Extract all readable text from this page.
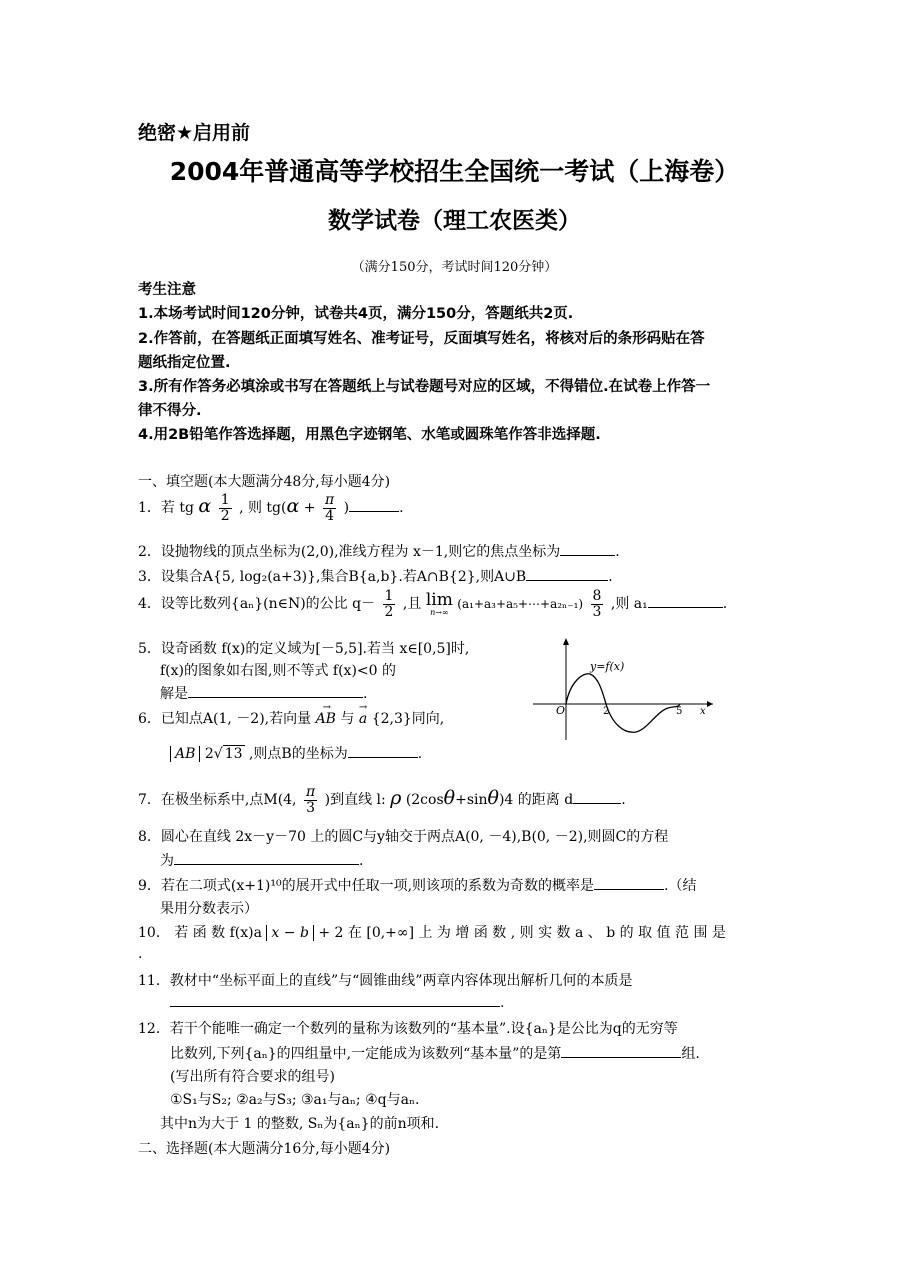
绝密★启用前
2004年普通高等学校招生全国统一考试（上海卷）
数学试卷（理工农医类）
（满分150分，考试时间120分钟）
考生注意
1.本场考试时间120分钟，试卷共4页，满分150分，答题纸共2页.
2.作答前，在答题纸正面填写姓名、准考证号，反面填写姓名，将核对后的条形码贴在答
题纸指定位置.
3.所有作答务必填涂或书写在答题纸上与试卷题号对应的区域，不得错位.在试卷上作答一
律不得分.
4.用2B铅笔作答选择题，用黑色字迹钢笔、水笔或圆珠笔作答非选择题.
一、填空题(本大题满分48分,每小题4分)
1．若 tg α $\frac{1}{2}$ , 则 $tg(\alpha + \frac{\pi}{4}$ )	.
2．设抛物线的顶点坐标为(2,0),准线方程为 x－1,则它的焦点坐标为	.
3．设集合A{5, log₂(a+3)},集合B{a,b}.若A∩B{2},则A∪B	.
4．设等比数列{aₙ}(n∈N)的公比 $q- \frac{1}{2}$ ,且 lim
n→∞
(a₁+a₃+a₅+⋯+a₂ₙ₋₁) $\frac{8}{3}$ ,则 a₁	.
5．设奇函数 f(x)的定义域为[－5,5].若当 x∈[0,5]时,
f(x)的图象如右图,则不等式 f(x)<0 的
解是	.
y=f(x)
O	2	5 x
6．已知点A(1, －2),若向量
→
AB 与
→
a {2,3}同向,
AB 2√ 13 ,则点B的坐标为	.
7．在极坐标系中,点M(4, $\frac{\pi}{3}$ )到直线 l: ρ (2cosθ+sinθ)4 的距离 d	.
8．圆心在直线 2x－y－70 上的圆C与y轴交于两点A(0, －4),B(0, －2),则圆C的方程
为	.
9．若在二项式(x+1)¹⁰的展开式中任取一项,则该项的系数为奇数的概率是	.（结
果用分数表示）
10． 若 函 数 f(x)a x − b + 2 在 [0,+∞] 上 为 增 函 数 , 则 实 数 a 、 b 的 取 值 范 围 是
.
11．教材中“坐标平面上的直线”与“圆锥曲线”两章内容体现出解析几何的本质是
.
12．若干个能唯一确定一个数列的量称为该数列的“基本量”.设{aₙ}是公比为q的无穷等
比数列,下列{aₙ}的四组量中,一定能成为该数列“基本量”的是第	组.
(写出所有符合要求的组号)
①S₁与S₂; ②a₂与S₃; ③a₁与aₙ; ④q与aₙ.
其中n为大于 1 的整数, Sₙ为{aₙ}的前n项和.
二、选择题(本大题满分16分,每小题4分)
